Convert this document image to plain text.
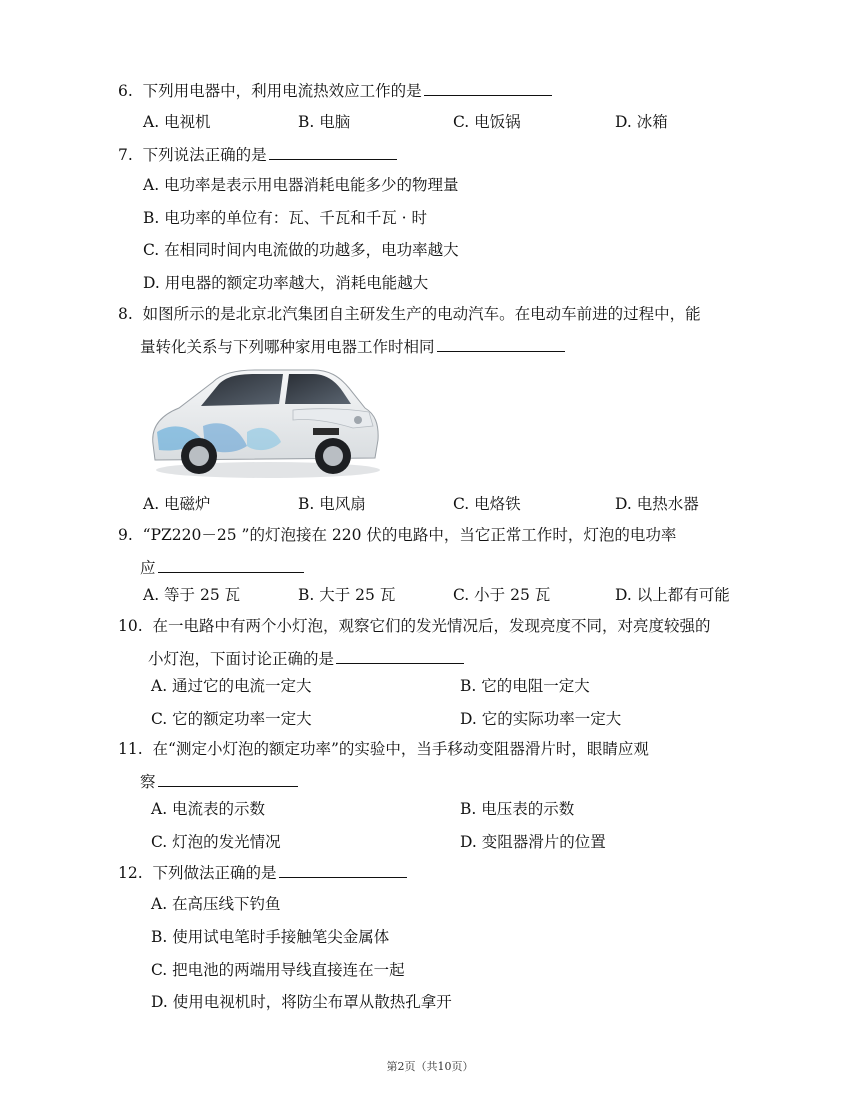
6. 下列用电器中，利用电流热效应工作的是
A. 电视机	B. 电脑	C. 电饭锅	D. 冰箱
7. 下列说法正确的是
A. 电功率是表示用电器消耗电能多少的物理量
B. 电功率的单位有：瓦、千瓦和千瓦 · 时
C. 在相同时间内电流做的功越多，电功率越大
D. 用电器的额定功率越大，消耗电能越大
8. 如图所示的是北京北汽集团自主研发生产的电动汽车。在电动车前进的过程中，能
量转化关系与下列哪种家用电器工作时相同
A. 电磁炉	B. 电风扇	C. 电烙铁	D. 电热水器
9. “PZ220－25 ”的灯泡接在 220 伏的电路中，当它正常工作时，灯泡的电功率
应
A. 等于 25 瓦	B. 大于 25 瓦	C. 小于 25 瓦	D. 以上都有可能
10. 在一电路中有两个小灯泡，观察它们的发光情况后，发现亮度不同，对亮度较强的
小灯泡，下面讨论正确的是
A. 通过它的电流一定大	B. 它的电阻一定大
C. 它的额定功率一定大	D. 它的实际功率一定大
11. 在“测定小灯泡的额定功率”的实验中，当手移动变阻器滑片时，眼睛应观
察
A. 电流表的示数	B. 电压表的示数
C. 灯泡的发光情况	D. 变阻器滑片的位置
12. 下列做法正确的是
A. 在高压线下钓鱼
B. 使用试电笔时手接触笔尖金属体
C. 把电池的两端用导线直接连在一起
D. 使用电视机时，将防尘布罩从散热孔拿开
第2页（共10页）
